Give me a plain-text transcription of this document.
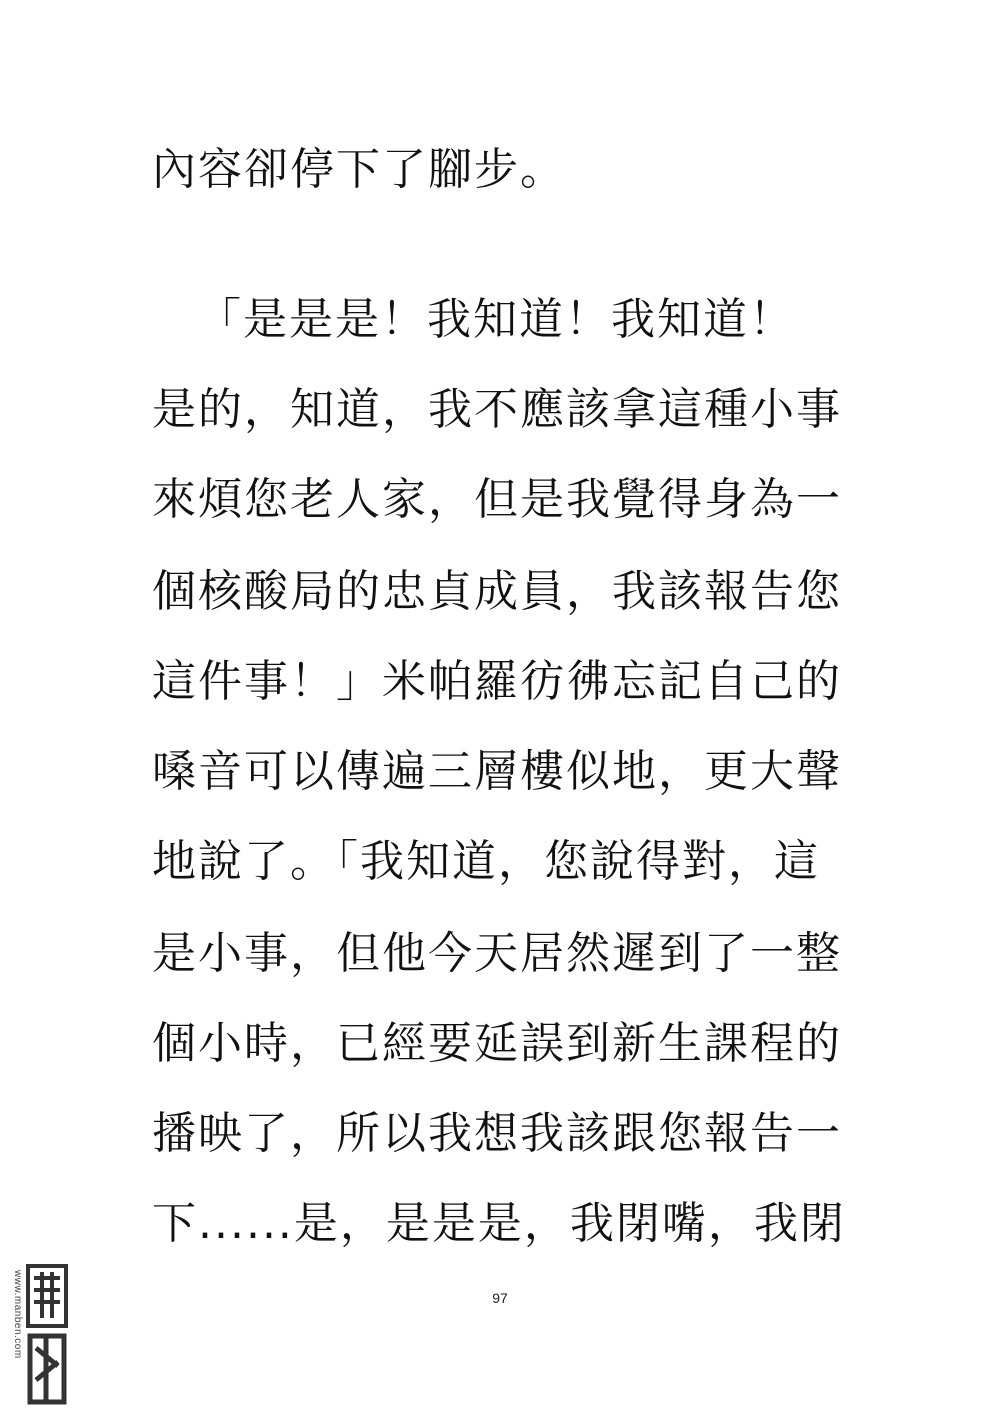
內容卻停下了腳步。
「是是是！我知道！我知道！
是的，知道，我不應該拿這種小事
來煩您老人家，但是我覺得身為一
個核酸局的忠貞成員，我該報告您
這件事！」米帕羅彷彿忘記自己的
嗓音可以傳遍三層樓似地，更大聲
地說了。「我知道，您說得對，這
是小事，但他今天居然遲到了一整
個小時，已經要延誤到新生課程的
播映了，所以我想我該跟您報告一
下......是，是是是，我閉嘴，我閉
97
www.manben.com
